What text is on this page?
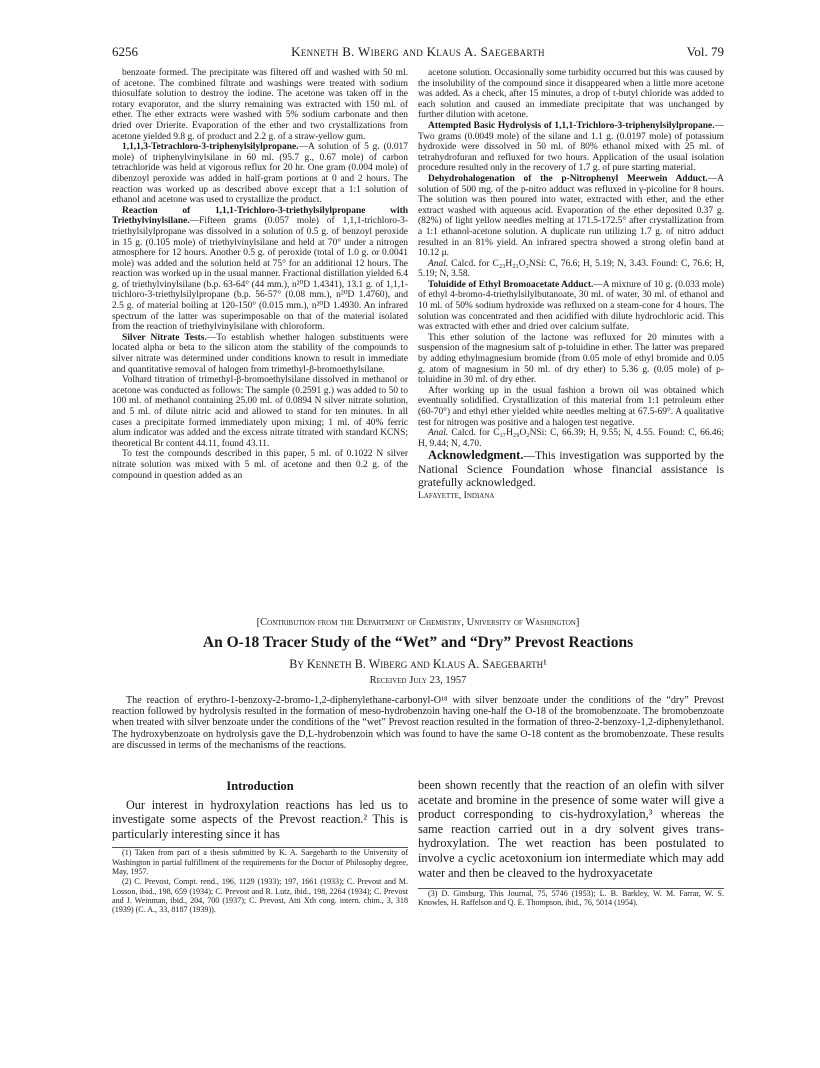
6256	Kenneth B. Wiberg and Klaus A. Saegebarth	Vol. 79

benzoate formed. The precipitate was filtered off and washed with 50 ml. of acetone. The combined filtrate and washings were treated with sodium thiosulfate solution to destroy the iodine. The acetone was taken off in the rotary evaporator, and the slurry remaining was extracted with 150 ml. of ether. The ether extracts were washed with 5% sodium carbonate and then dried over Drierite. Evaporation of the ether and two crystallizations from acetone yielded 9.8 g. of product and 2.2 g. of a straw-yellow gum.

1,1,1,3-Tetrachloro-3-triphenylsilylpropane.—A solution of 5 g. (0.017 mole) of triphenylvinylsilane in 60 ml. (95.7 g., 0.67 mole) of carbon tetrachloride was held at vigorous reflux for 20 hr. One gram (0.004 mole) of dibenzoyl peroxide was added in half-gram portions at 0 and 2 hours. The reaction was worked up as described above except that a 1:1 solution of ethanol and acetone was used to crystallize the product.

Reaction of 1,1,1-Trichloro-3-triethylsilylpropane with Triethylvinylsilane.—Fifteen grams (0.057 mole) of 1,1,1-trichloro-3-triethylsilylpropane was dissolved in a solution of 0.5 g. of benzoyl peroxide in 15 g. (0.105 mole) of triethylvinylsilane and held at 70° under a nitrogen atmosphere for 12 hours. Another 0.5 g. of peroxide (total of 1.0 g. or 0.0041 mole) was added and the solution held at 75° for an additional 12 hours. The reaction was worked up in the usual manner. Fractional distillation yielded 6.4 g. of triethylvinylsilane (b.p. 63-64° (44 mm.), n²⁰D 1.4341), 13.1 g. of 1,1,1-trichloro-3-triethylsilylpropane (b.p. 56-57° (0.08 mm.), n²⁰D 1.4760), and 2.5 g. of material boiling at 120-150° (0.015 mm.), n²⁰D 1.4930. An infrared spectrum of the latter was superimposable on that of the material isolated from the reaction of triethylvinylsilane with chloroform.

Silver Nitrate Tests.—To establish whether halogen substituents were located alpha or beta to the silicon atom the stability of the compounds to silver nitrate was determined under conditions known to result in immediate and quantitative removal of halogen from trimethyl-β-bromoethylsilane.

Volhard titration of trimethyl-β-bromoethylsilane dissolved in methanol or acetone was conducted as follows: The sample (0.2591 g.) was added to 50 to 100 ml. of methanol containing 25.00 ml. of 0.0894 N silver nitrate solution, and 5 ml. of dilute nitric acid and allowed to stand for ten minutes. In all cases a precipitate formed immediately upon mixing; 1 ml. of 40% ferric alum indicator was added and the excess nitrate titrated with standard KCNS; theoretical Br content 44.11, found 43.11.

To test the compounds described in this paper, 5 ml. of 0.1022 N silver nitrate solution was mixed with 5 ml. of acetone and then 0.2 g. of the compound in question added as an

acetone solution. Occasionally some turbidity occurred but this was caused by the insolubility of the compound since it disappeared when a little more acetone was added. As a check, after 15 minutes, a drop of t-butyl chloride was added to each solution and caused an immediate precipitate that was unchanged by further dilution with acetone.

Attempted Basic Hydrolysis of 1,1,1-Trichloro-3-triphenylsilylpropane.—Two grams (0.0049 mole) of the silane and 1.1 g. (0.0197 mole) of potassium hydroxide were dissolved in 50 ml. of 80% ethanol mixed with 25 ml. of tetrahydrofuran and refluxed for two hours. Application of the usual isolation procedure resulted only in the recovery of 1.7 g. of pure starting material.

Dehydrohalogenation of the p-Nitrophenyl Meerwein Adduct.—A solution of 500 mg. of the p-nitro adduct was refluxed in γ-picoline for 8 hours. The solution was then poured into water, extracted with ether, and the ether extract washed with aqueous acid. Evaporation of the ether deposited 0.37 g. (82%) of light yellow needles melting at 171.5-172.5° after crystallization from a 1:1 ethanol-acetone solution. A duplicate run utilizing 1.7 g. of nitro adduct resulted in an 81% yield. An infrared spectra showed a strong olefin band at 10.12 μ.

Anal. Calcd. for C₂₃H₂₁O₂NSi: C, 76.6; H, 5.19; N, 3.43. Found: C, 76.6; H, 5.19; N, 3.58.

Toluidide of Ethyl Bromoacetate Adduct.—A mixture of 10 g. (0.033 mole) of ethyl 4-bromo-4-triethylsilylbutanoate, 30 ml. of water, 30 ml. of ethanol and 10 ml. of 50% sodium hydroxide was refluxed on a steam-cone for 4 hours. The solution was concentrated and then acidified with dilute hydrochloric acid. This was extracted with ether and dried over calcium sulfate.

This ether solution of the lactone was refluxed for 20 minutes with a suspension of the magnesium salt of p-toluidine in ether. The latter was prepared by adding ethylmagnesium bromide (from 0.05 mole of ethyl bromide and 0.05 g. atom of magnesium in 50 ml. of dry ether) to 5.36 g. (0.05 mole) of p-toluidine in 30 ml. of dry ether.

After working up in the usual fashion a brown oil was obtained which eventually solidified. Crystallization of this material from 1:1 petroleum ether (60-70°) and ethyl ether yielded white needles melting at 67.5-69°. A qualitative test for nitrogen was positive and a halogen test negative.

Anal. Calcd. for C₁₇H₂₉O₂NSi: C, 66.39; H, 9.55; N, 4.55. Found: C, 66.46; H, 9.44; N, 4.70.

Acknowledgment.—This investigation was supported by the National Science Foundation whose financial assistance is gratefully acknowledged.

Lafayette, Indiana

[Contribution from the Department of Chemistry, University of Washington]
An O-18 Tracer Study of the “Wet” and “Dry” Prevost Reactions
By Kenneth B. Wiberg and Klaus A. Saegebarth¹
Received July 23, 1957

The reaction of erythro-1-benzoxy-2-bromo-1,2-diphenylethane-carbonyl-O¹⁸ with silver benzoate under the conditions of the “dry” Prevost reaction followed by hydrolysis resulted in the formation of meso-hydrobenzoin having one-half the O-18 of the bromobenzoate. The bromobenzoate when treated with silver benzoate under the conditions of the “wet” Prevost reaction resulted in the formation of threo-2-benzoxy-1,2-diphenylethanol. The hydroxybenzoate on hydrolysis gave the D,L-hydrobenzoin which was found to have the same O-18 content as the bromobenzoate. These results are discussed in terms of the mechanisms of the reactions.

Introduction

Our interest in hydroxylation reactions has led us to investigate some aspects of the Prevost reaction.² This is particularly interesting since it has

(1) Taken from part of a thesis submitted by K. A. Saegebarth to the University of Washington in partial fulfillment of the requirements for the Doctor of Philosophy degree, May, 1957.

(2) C. Prevost, Compt. rend., 196, 1129 (1933); 197, 1661 (1933); C. Prevost and M. Losson, ibid., 198, 659 (1934); C. Prevost and R. Lutz, ibid., 198, 2264 (1934); C. Prevost and J. Weinman, ibid., 204, 700 (1937); C. Prevost, Atti Xth cong. intern. chim., 3, 318 (1939) (C. A., 33, 8187 (1939)).

been shown recently that the reaction of an olefin with silver acetate and bromine in the presence of some water will give a product corresponding to cis-hydroxylation,³ whereas the same reaction carried out in a dry solvent gives trans-hydroxylation. The wet reaction has been postulated to involve a cyclic acetoxonium ion intermediate which may add water and then be cleaved to the hydroxyacetate

(3) D. Ginsburg, This Journal, 75, 5746 (1953); L. B. Barkley, W. M. Farrar, W. S. Knowles, H. Raffelson and Q. E. Thompson, ibid., 76, 5014 (1954).
